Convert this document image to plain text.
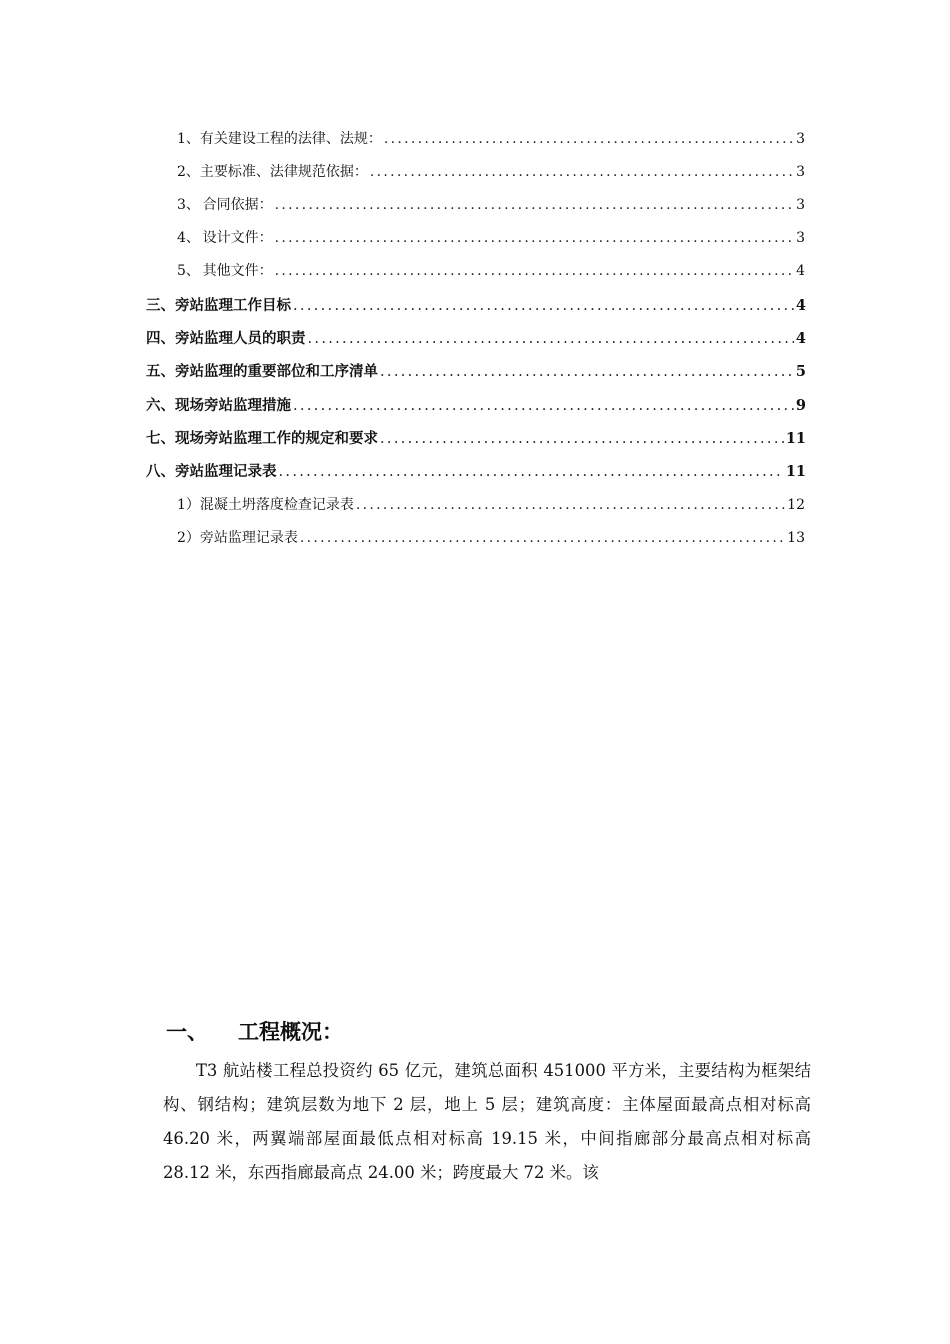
1、 有关建设工程的法律、法规： .....	3
2、 主要标准、法律规范依据： .....	3
3、 合同依据： .....	3
4、 设计文件： .....	3
5、 其他文件： .....	4
三、 旁站监理工作目标 .....	4
四、 旁站监理人员的职责 .....	4
五、 旁站监理的重要部位和工序清单 .....	5
六、 现场旁站监理措施 .....	9
七、 现场旁站监理工作的规定和要求 .....	11
八、 旁站监理记录表 .....	11
1）混凝土坍落度检查记录表 .....	12
2）旁站监理记录表 .....	13
一、 工程概况：
T3 航站楼工程总投资约 65 亿元，建筑总面积 451000 平方米，主要结构为框架结构、钢结构；建筑层数为地下 2 层，地上 5 层；建筑高度：主体屋面最高点相对标高 46.20 米，两翼端部屋面最低点相对标高 19.15 米，中间指廊部分最高点相对标高 28.12 米，东西指廊最高点 24.00 米；跨度最大 72 米。该
